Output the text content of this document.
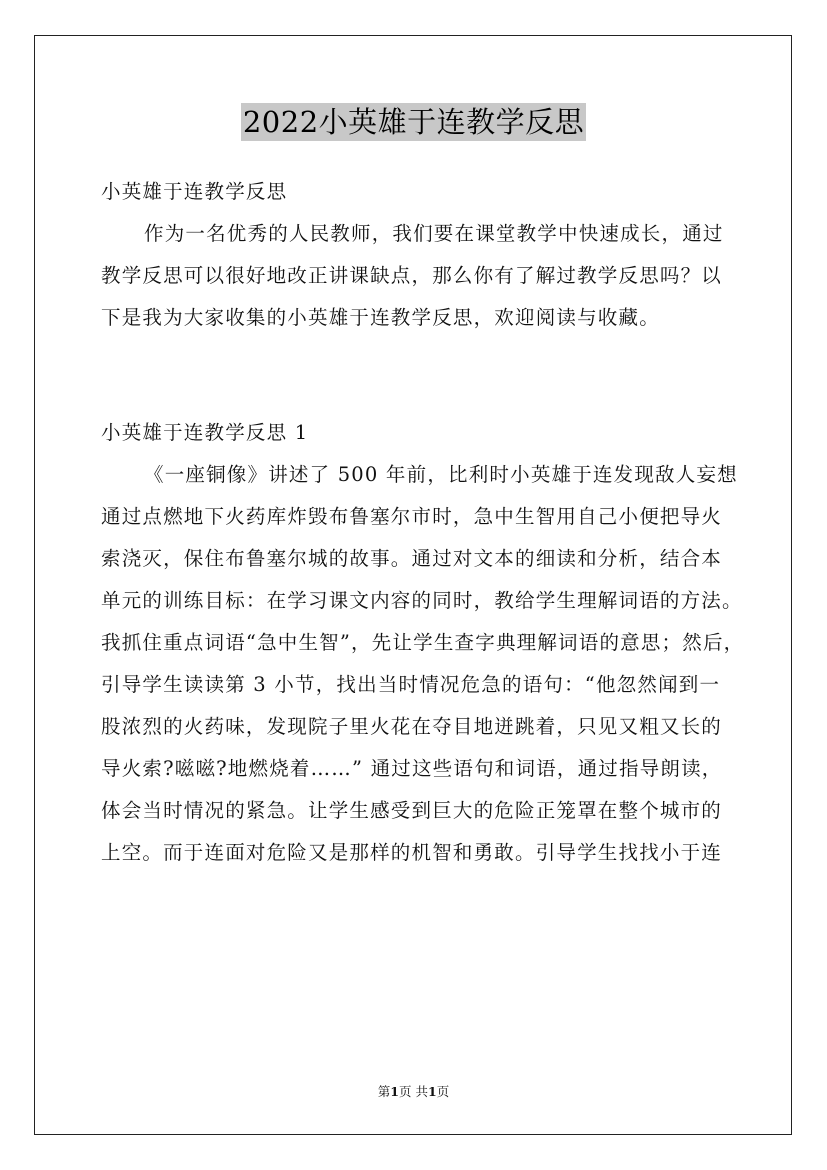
2022小英雄于连教学反思
小英雄于连教学反思
作为一名优秀的人民教师，我们要在课堂教学中快速成长，通过
教学反思可以很好地改正讲课缺点，那么你有了解过教学反思吗？以
下是我为大家收集的小英雄于连教学反思，欢迎阅读与收藏。
小英雄于连教学反思 1
《一座铜像》讲述了 500 年前，比利时小英雄于连发现敌人妄想
通过点燃地下火药库炸毁布鲁塞尔市时，急中生智用自己小便把导火
索浇灭，保住布鲁塞尔城的故事。通过对文本的细读和分析，结合本
单元的训练目标：在学习课文内容的同时，教给学生理解词语的方法。
我抓住重点词语“急中生智”，先让学生查字典理解词语的意思；然后，
引导学生读读第 3 小节，找出当时情况危急的语句：“他忽然闻到一
股浓烈的火药味，发现院子里火花在夺目地迸跳着，只见又粗又长的
导火索?嗞嗞?地燃烧着……” 通过这些语句和词语，通过指导朗读，
体会当时情况的紧急。让学生感受到巨大的危险正笼罩在整个城市的
上空。而于连面对危险又是那样的机智和勇敢。引导学生找找小于连
第1页 共1页
